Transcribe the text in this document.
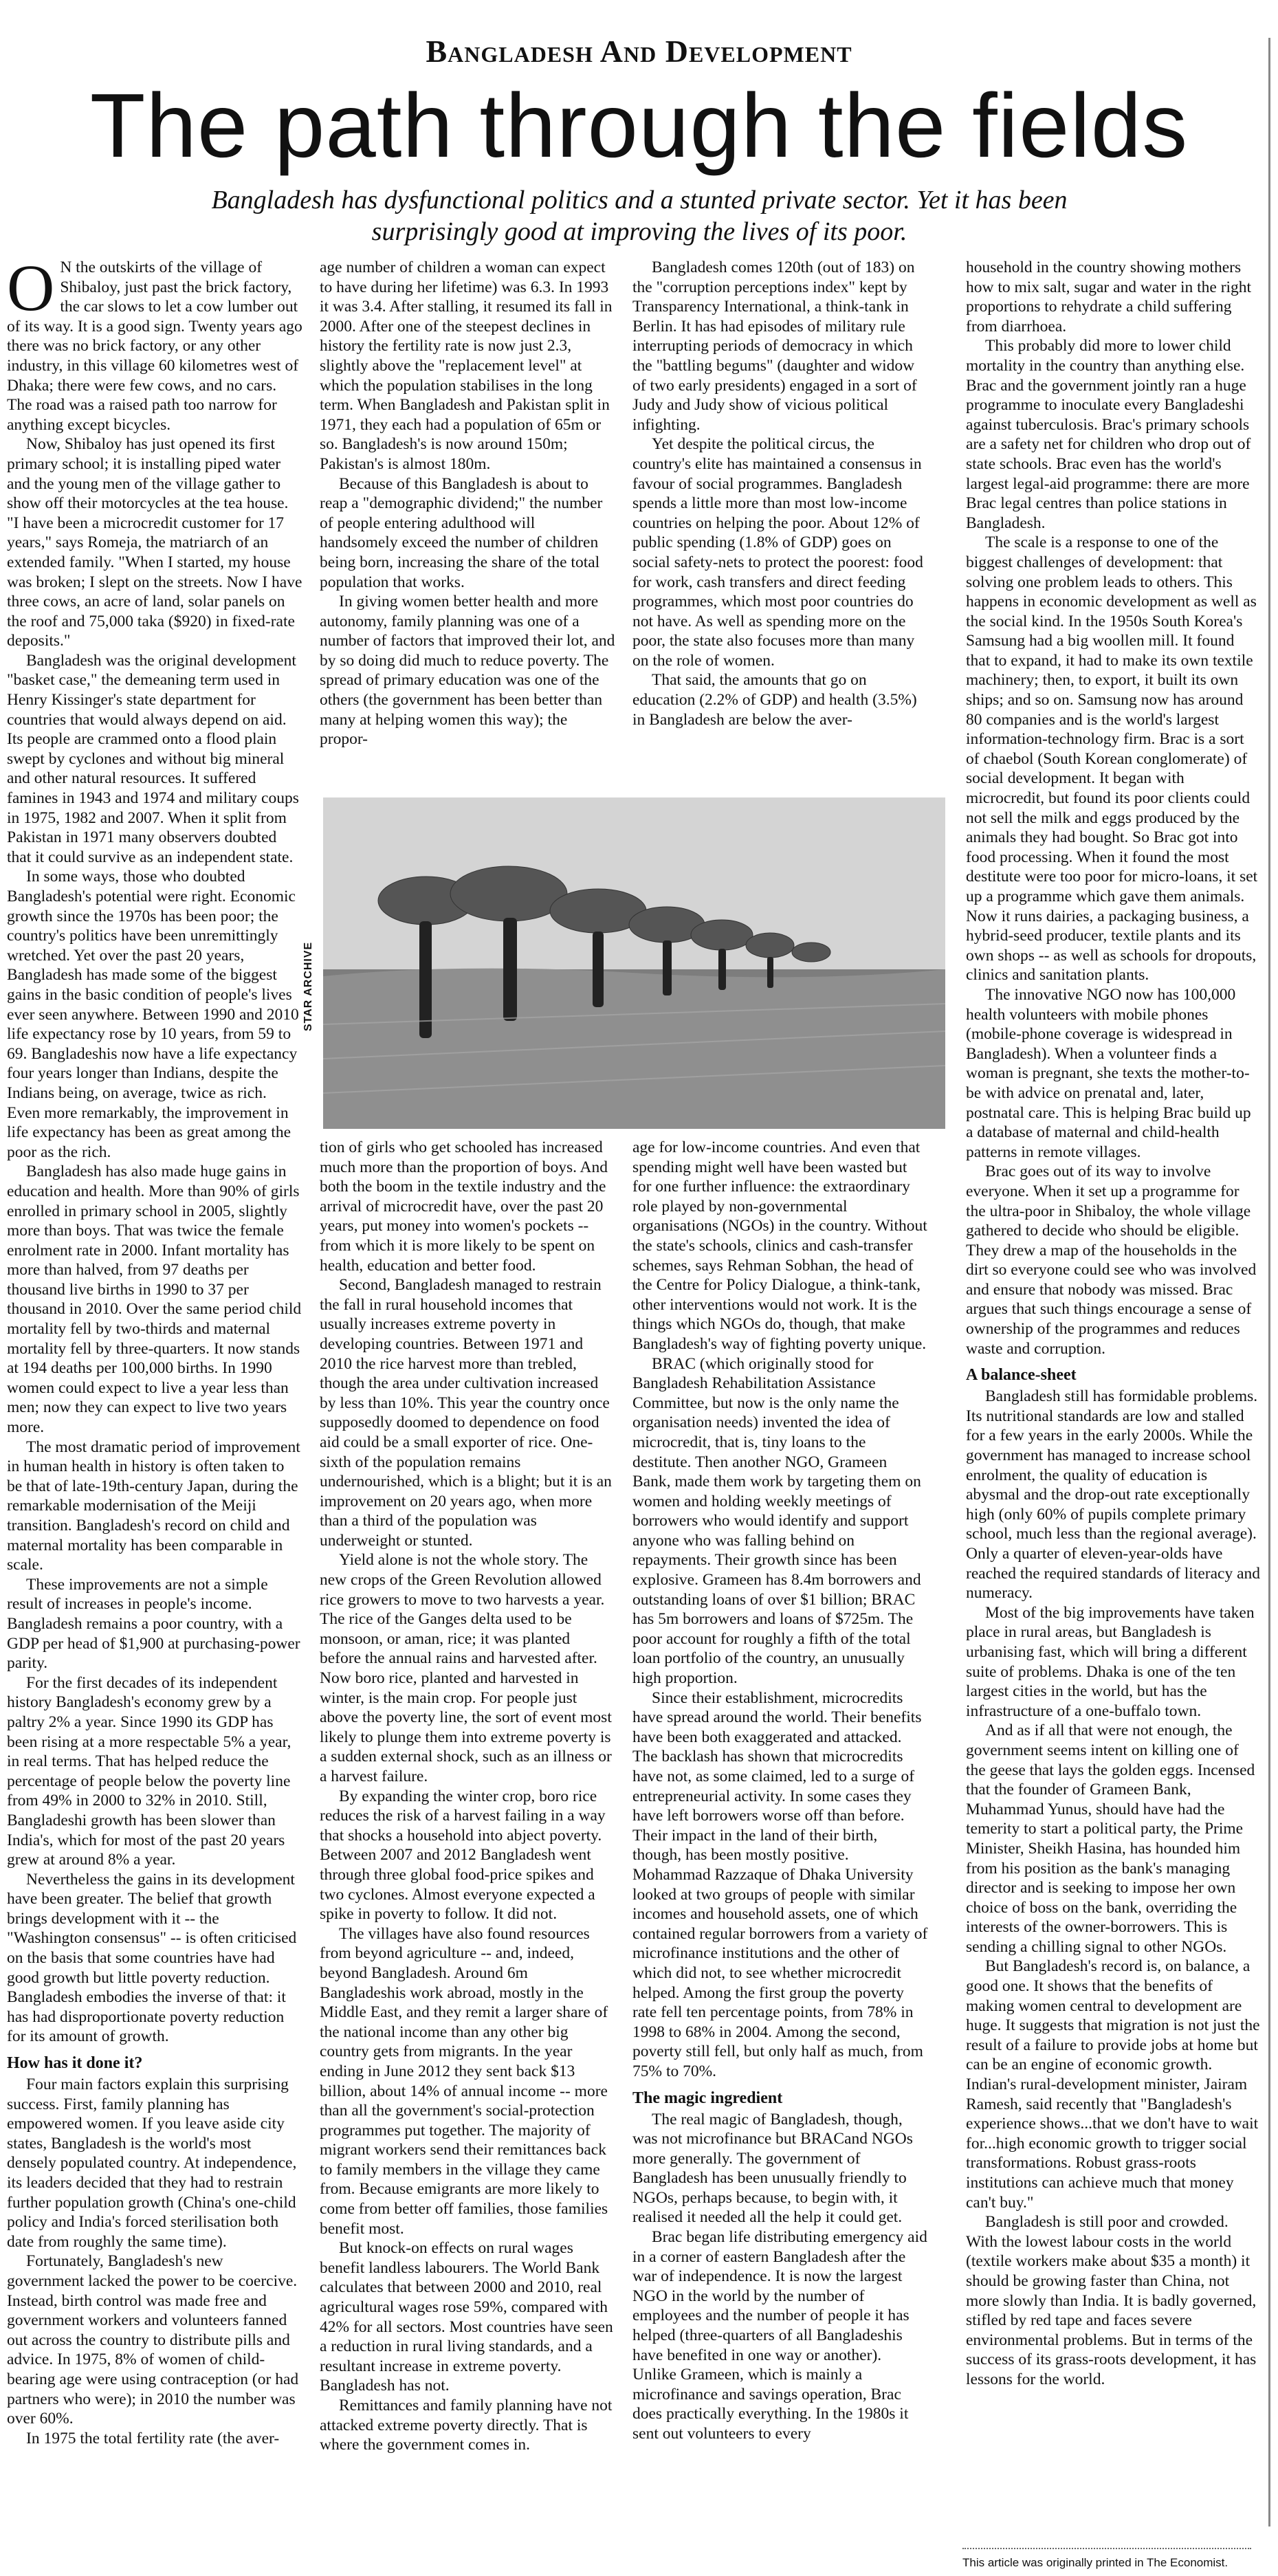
Bangladesh And Development
The path through the fields
Bangladesh has dysfunctional politics and a stunted private sector. Yet it has been surprisingly good at improving the lives of its poor.

O N the outskirts of the village of Shibaloy, just past the brick factory, the car slows to let a cow lumber out of its way. It is a good sign. Twenty years ago there was no brick factory, or any other industry, in this village 60 kilometres west of Dhaka; there were few cows, and no cars. The road was a raised path too narrow for anything except bicycles.

Now, Shibaloy has just opened its first primary school; it is installing piped water and the young men of the village gather to show off their motorcycles at the tea house. "I have been a microcredit customer for 17 years," says Romeja, the matriarch of an extended family. "When I started, my house was broken; I slept on the streets. Now I have three cows, an acre of land, solar panels on the roof and 75,000 taka ($920) in fixed-rate deposits."

Bangladesh was the original development "basket case," the demeaning term used in Henry Kissinger's state department for countries that would always depend on aid. Its people are crammed onto a flood plain swept by cyclones and without big mineral and other natural resources. It suffered famines in 1943 and 1974 and military coups in 1975, 1982 and 2007. When it split from Pakistan in 1971 many observers doubted that it could survive as an independent state.

In some ways, those who doubted Bangladesh's potential were right. Economic growth since the 1970s has been poor; the country's politics have been unremittingly wretched. Yet over the past 20 years, Bangladesh has made some of the biggest gains in the basic condition of people's lives ever seen anywhere. Between 1990 and 2010 life expectancy rose by 10 years, from 59 to 69. Bangladeshis now have a life expectancy four years longer than Indians, despite the Indians being, on average, twice as rich. Even more remarkably, the improvement in life expectancy has been as great among the poor as the rich.

Bangladesh has also made huge gains in education and health. More than 90% of girls enrolled in primary school in 2005, slightly more than boys. That was twice the female enrolment rate in 2000. Infant mortality has more than halved, from 97 deaths per thousand live births in 1990 to 37 per thousand in 2010. Over the same period child mortality fell by two-thirds and maternal mortality fell by three-quarters. It now stands at 194 deaths per 100,000 births. In 1990 women could expect to live a year less than men; now they can expect to live two years more.

The most dramatic period of improvement in human health in history is often taken to be that of late-19th-century Japan, during the remarkable modernisation of the Meiji transition. Bangladesh's record on child and maternal mortality has been comparable in scale.

These improvements are not a simple result of increases in people's income. Bangladesh remains a poor country, with a GDP per head of $1,900 at purchasing-power parity.

For the first decades of its independent history Bangladesh's economy grew by a paltry 2% a year. Since 1990 its GDP has been rising at a more respectable 5% a year, in real terms. That has helped reduce the percentage of people below the poverty line from 49% in 2000 to 32% in 2010. Still, Bangladeshi growth has been slower than India's, which for most of the past 20 years grew at around 8% a year.

Nevertheless the gains in its development have been greater. The belief that growth brings development with it -- the "Washington consensus" -- is often criticised on the basis that some countries have had good growth but little poverty reduction. Bangladesh embodies the inverse of that: it has had disproportionate poverty reduction for its amount of growth.

How has it done it?

Four main factors explain this surprising success. First, family planning has empowered women. If you leave aside city states, Bangladesh is the world's most densely populated country. At independence, its leaders decided that they had to restrain further population growth (China's one-child policy and India's forced sterilisation both date from roughly the same time).

Fortunately, Bangladesh's new government lacked the power to be coercive. Instead, birth control was made free and government workers and volunteers fanned out across the country to distribute pills and advice. In 1975, 8% of women of child-bearing age were using contraception (or had partners who were); in 2010 the number was over 60%.

In 1975 the total fertility rate (the aver-

age number of children a woman can expect to have during her lifetime) was 6.3. In 1993 it was 3.4. After stalling, it resumed its fall in 2000. After one of the steepest declines in history the fertility rate is now just 2.3, slightly above the "replacement level" at which the population stabilises in the long term. When Bangladesh and Pakistan split in 1971, they each had a population of 65m or so. Bangladesh's is now around 150m; Pakistan's is almost 180m.

Because of this Bangladesh is about to reap a "demographic dividend;" the number of people entering adulthood will handsomely exceed the number of children being born, increasing the share of the total population that works.

In giving women better health and more autonomy, family planning was one of a number of factors that improved their lot, and by so doing did much to reduce poverty. The spread of primary education was one of the others (the government has been better than many at helping women this way); the propor-

Bangladesh comes 120th (out of 183) on the "corruption perceptions index" kept by Transparency International, a think-tank in Berlin. It has had episodes of military rule interrupting periods of democracy in which the "battling begums" (daughter and widow of two early presidents) engaged in a sort of Judy and Judy show of vicious political infighting.

Yet despite the political circus, the country's elite has maintained a consensus in favour of social programmes. Bangladesh spends a little more than most low-income countries on helping the poor. About 12% of public spending (1.8% of GDP) goes on social safety-nets to protect the poorest: food for work, cash transfers and direct feeding programmes, which most poor countries do not have. As well as spending more on the poor, the state also focuses more than many on the role of women.

That said, the amounts that go on education (2.2% of GDP) and health (3.5%) in Bangladesh are below the aver-

STAR ARCHIVE

tion of girls who get schooled has increased much more than the proportion of boys. And both the boom in the textile industry and the arrival of microcredit have, over the past 20 years, put money into women's pockets -- from which it is more likely to be spent on health, education and better food.

Second, Bangladesh managed to restrain the fall in rural household incomes that usually increases extreme poverty in developing countries. Between 1971 and 2010 the rice harvest more than trebled, though the area under cultivation increased by less than 10%. This year the country once supposedly doomed to dependence on food aid could be a small exporter of rice. One-sixth of the population remains undernourished, which is a blight; but it is an improvement on 20 years ago, when more than a third of the population was underweight or stunted.

Yield alone is not the whole story. The new crops of the Green Revolution allowed rice growers to move to two harvests a year. The rice of the Ganges delta used to be monsoon, or aman, rice; it was planted before the annual rains and harvested after. Now boro rice, planted and harvested in winter, is the main crop. For people just above the poverty line, the sort of event most likely to plunge them into extreme poverty is a sudden external shock, such as an illness or a harvest failure.

By expanding the winter crop, boro rice reduces the risk of a harvest failing in a way that shocks a household into abject poverty. Between 2007 and 2012 Bangladesh went through three global food-price spikes and two cyclones. Almost everyone expected a spike in poverty to follow. It did not.

The villages have also found resources from beyond agriculture -- and, indeed, beyond Bangladesh. Around 6m Bangladeshis work abroad, mostly in the Middle East, and they remit a larger share of the national income than any other big country gets from migrants. In the year ending in June 2012 they sent back $13 billion, about 14% of annual income -- more than all the government's social-protection programmes put together. The majority of migrant workers send their remittances back to family members in the village they came from. Because emigrants are more likely to come from better off families, those families benefit most.

But knock-on effects on rural wages benefit landless labourers. The World Bank calculates that between 2000 and 2010, real agricultural wages rose 59%, compared with 42% for all sectors. Most countries have seen a reduction in rural living standards, and a resultant increase in extreme poverty. Bangladesh has not.

Remittances and family planning have not attacked extreme poverty directly. That is where the government comes in.

age for low-income countries. And even that spending might well have been wasted but for one further influence: the extraordinary role played by non-governmental organisations (NGOs) in the country. Without the state's schools, clinics and cash-transfer schemes, says Rehman Sobhan, the head of the Centre for Policy Dialogue, a think-tank, other interventions would not work. It is the things which NGOs do, though, that make Bangladesh's way of fighting poverty unique.

BRAC (which originally stood for Bangladesh Rehabilitation Assistance Committee, but now is the only name the organisation needs) invented the idea of microcredit, that is, tiny loans to the destitute. Then another NGO, Grameen Bank, made them work by targeting them on women and holding weekly meetings of borrowers who would identify and support anyone who was falling behind on repayments. Their growth since has been explosive. Grameen has 8.4m borrowers and outstanding loans of over $1 billion; BRAC has 5m borrowers and loans of $725m. The poor account for roughly a fifth of the total loan portfolio of the country, an unusually high proportion.

Since their establishment, microcredits have spread around the world. Their benefits have been both exaggerated and attacked. The backlash has shown that microcredits have not, as some claimed, led to a surge of entrepreneurial activity. In some cases they have left borrowers worse off than before. Their impact in the land of their birth, though, has been mostly positive. Mohammad Razzaque of Dhaka University looked at two groups of people with similar incomes and household assets, one of which contained regular borrowers from a variety of microfinance institutions and the other of which did not, to see whether microcredit helped. Among the first group the poverty rate fell ten percentage points, from 78% in 1998 to 68% in 2004. Among the second, poverty still fell, but only half as much, from 75% to 70%.

The magic ingredient

The real magic of Bangladesh, though, was not microfinance but BRACand NGOs more generally. The government of Bangladesh has been unusually friendly to NGOs, perhaps because, to begin with, it realised it needed all the help it could get.

Brac began life distributing emergency aid in a corner of eastern Bangladesh after the war of independence. It is now the largest NGO in the world by the number of employees and the number of people it has helped (three-quarters of all Bangladeshis have benefited in one way or another). Unlike Grameen, which is mainly a microfinance and savings operation, Brac does practically everything. In the 1980s it sent out volunteers to every

household in the country showing mothers how to mix salt, sugar and water in the right proportions to rehydrate a child suffering from diarrhoea.

This probably did more to lower child mortality in the country than anything else. Brac and the government jointly ran a huge programme to inoculate every Bangladeshi against tuberculosis. Brac's primary schools are a safety net for children who drop out of state schools. Brac even has the world's largest legal-aid programme: there are more Brac legal centres than police stations in Bangladesh.

The scale is a response to one of the biggest challenges of development: that solving one problem leads to others. This happens in economic development as well as the social kind. In the 1950s South Korea's Samsung had a big woollen mill. It found that to expand, it had to make its own textile machinery; then, to export, it built its own ships; and so on. Samsung now has around 80 companies and is the world's largest information-technology firm. Brac is a sort of chaebol (South Korean conglomerate) of social development. It began with microcredit, but found its poor clients could not sell the milk and eggs produced by the animals they had bought. So Brac got into food processing. When it found the most destitute were too poor for micro-loans, it set up a programme which gave them animals. Now it runs dairies, a packaging business, a hybrid-seed producer, textile plants and its own shops -- as well as schools for dropouts, clinics and sanitation plants.

The innovative NGO now has 100,000 health volunteers with mobile phones (mobile-phone coverage is widespread in Bangladesh). When a volunteer finds a woman is pregnant, she texts the mother-to-be with advice on prenatal and, later, postnatal care. This is helping Brac build up a database of maternal and child-health patterns in remote villages.

Brac goes out of its way to involve everyone. When it set up a programme for the ultra-poor in Shibaloy, the whole village gathered to decide who should be eligible. They drew a map of the households in the dirt so everyone could see who was involved and ensure that nobody was missed. Brac argues that such things encourage a sense of ownership of the programmes and reduces waste and corruption.

A balance-sheet

Bangladesh still has formidable problems. Its nutritional standards are low and stalled for a few years in the early 2000s. While the government has managed to increase school enrolment, the quality of education is abysmal and the drop-out rate exceptionally high (only 60% of pupils complete primary school, much less than the regional average). Only a quarter of eleven-year-olds have reached the required standards of literacy and numeracy.

Most of the big improvements have taken place in rural areas, but Bangladesh is urbanising fast, which will bring a different suite of problems. Dhaka is one of the ten largest cities in the world, but has the infrastructure of a one-buffalo town.

And as if all that were not enough, the government seems intent on killing one of the geese that lays the golden eggs. Incensed that the founder of Grameen Bank, Muhammad Yunus, should have had the temerity to start a political party, the Prime Minister, Sheikh Hasina, has hounded him from his position as the bank's managing director and is seeking to impose her own choice of boss on the bank, overriding the interests of the owner-borrowers. This is sending a chilling signal to other NGOs.

But Bangladesh's record is, on balance, a good one. It shows that the benefits of making women central to development are huge. It suggests that migration is not just the result of a failure to provide jobs at home but can be an engine of economic growth. Indian's rural-development minister, Jairam Ramesh, said recently that "Bangladesh's experience shows...that we don't have to wait for...high economic growth to trigger social transformations. Robust grass-roots institutions can achieve much that money can't buy."

Bangladesh is still poor and crowded. With the lowest labour costs in the world (textile workers make about $35 a month) it should be growing faster than China, not more slowly than India. It is badly governed, stifled by red tape and faces severe environmental problems. But in terms of the success of its grass-roots development, it has lessons for the world.

This article was originally printed in The Economist.
